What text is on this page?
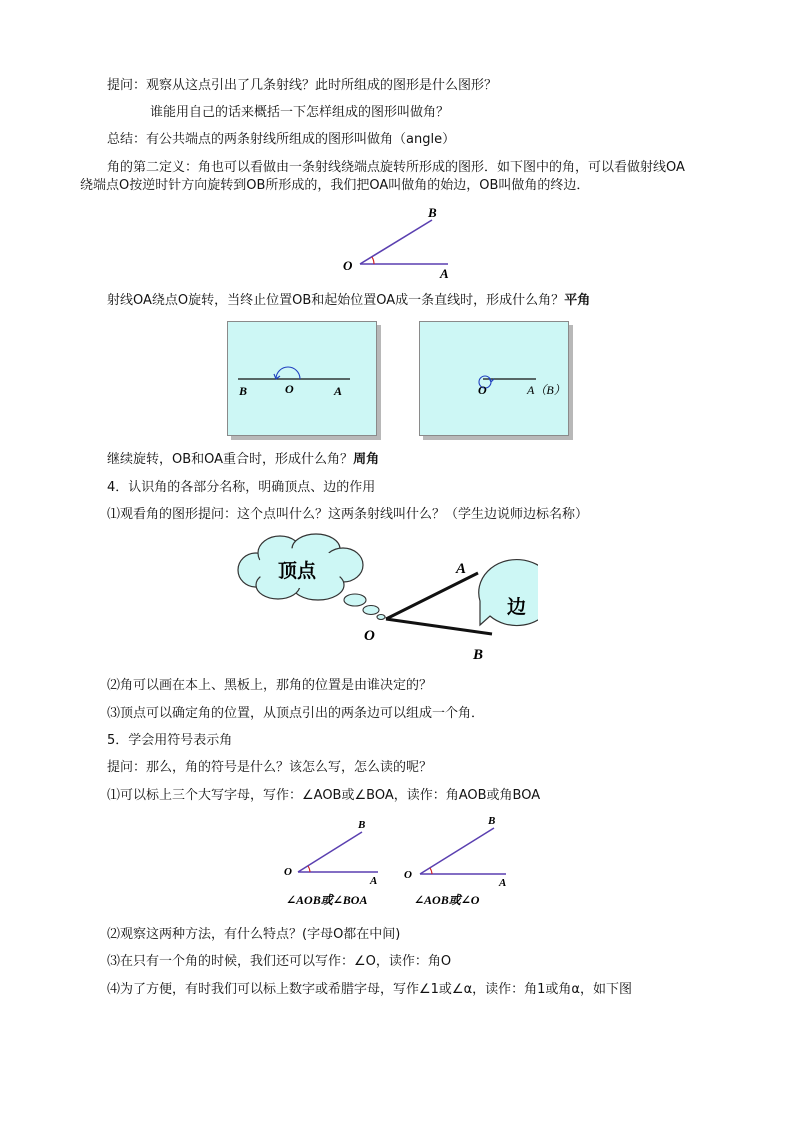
提问：观察从这点引出了几条射线？此时所组成的图形是什么图形？
谁能用自己的话来概括一下怎样组成的图形叫做角？
总结：有公共端点的两条射线所组成的图形叫做角（angle）
角的第二定义：角也可以看做由一条射线绕端点旋转所形成的图形．如下图中的角，可以看做射线OA
绕端点O按逆时针方向旋转到OB所形成的，我们把OA叫做角的始边，OB叫做角的终边．
B
O
A
射线OA绕点O旋转，当终止位置OB和起始位置OA成一条直线时，形成什么角？平角
B	O	A	O	A（B）
继续旋转，OB和OA重合时，形成什么角？周角
4．认识角的各部分名称，明确顶点、边的作用
⑴观看角的图形提问：这个点叫什么？这两条射线叫什么？（学生边说师边标名称）
顶点
边
A
O
B
⑵角可以画在本上、黑板上，那角的位置是由谁决定的？
⑶顶点可以确定角的位置，从顶点引出的两条边可以组成一个角．
5．学会用符号表示角
提问：那么，角的符号是什么？该怎么写，怎么读的呢？
⑴可以标上三个大写字母，写作：∠AOB或∠BOA，读作：角AOB或角BOA
B
O
A
∠AOB或∠BOA
B
O
A
∠AOB或∠O
⑵观察这两种方法，有什么特点？(字母O都在中间)
⑶在只有一个角的时候，我们还可以写作：∠O，读作：角O
⑷为了方便，有时我们可以标上数字或希腊字母，写作∠1或∠α，读作：角1或角α，如下图
